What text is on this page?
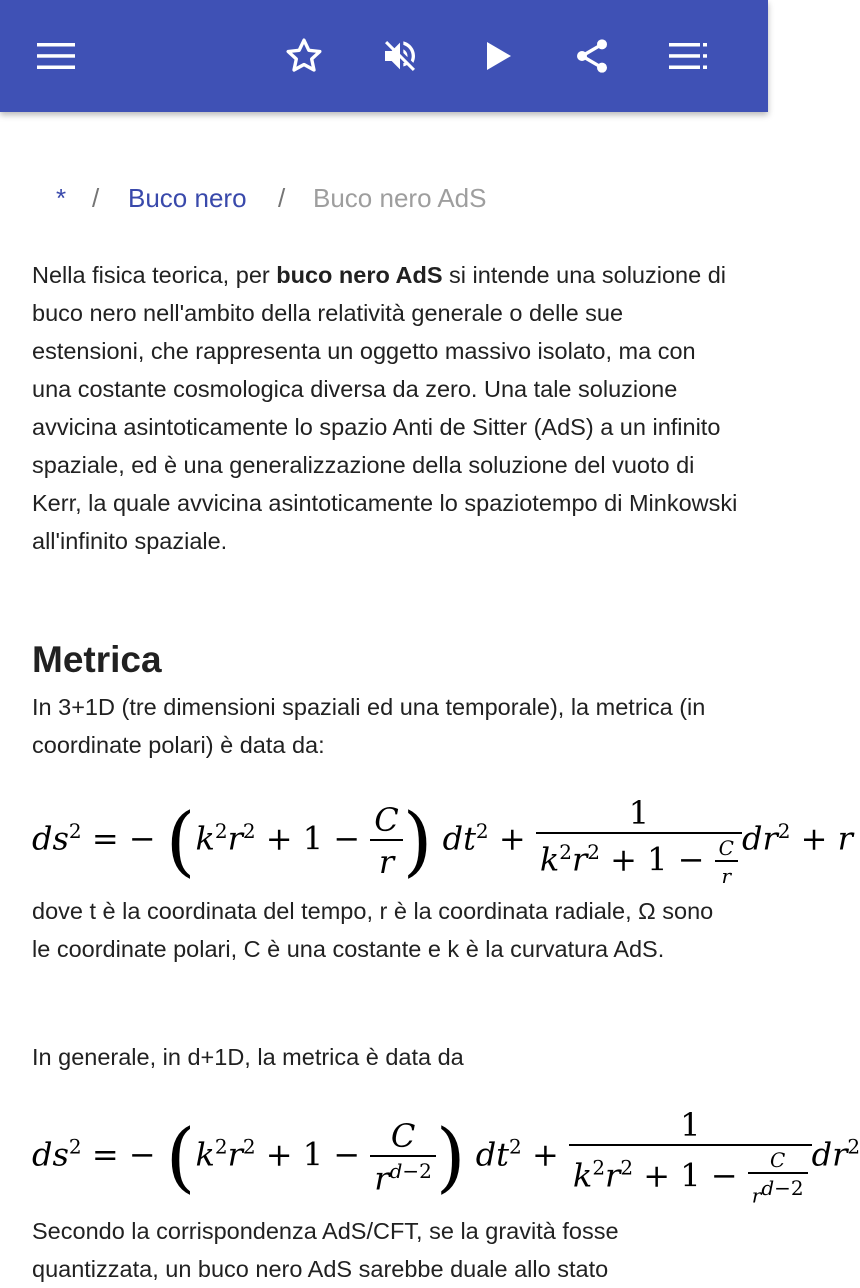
* / Buco nero / Buco nero AdS

Nella fisica teorica, per buco nero AdS si intende una soluzione di buco nero nell'ambito della relatività generale o delle sue estensioni, che rappresenta un oggetto massivo isolato, ma con una costante cosmologica diversa da zero. Una tale soluzione avvicina asintoticamente lo spazio Anti de Sitter (AdS) a un infinito spaziale, ed è una generalizzazione della soluzione del vuoto di Kerr, la quale avvicina asintoticamente lo spaziotempo di Minkowski all'infinito spaziale.

Metrica

In 3+1D (tre dimensioni spaziali ed una temporale), la metrica (in coordinate polari) è data da:

$ds^2$ = − ($k^2r^2 + 1 - \frac{C}{r}$ ) $dt^2 + \frac{1}{k^2r^2 + 1 - \frac{C}{r}} dr^2 + r$

dove t è la coordinata del tempo, r è la coordinata radiale, Ω sono le coordinate polari, C è una costante e k è la curvatura AdS.

In generale, in d+1D, la metrica è data da

$ds^2$ = − ($k^2r^2 + 1 - \frac{C}{r^{d-2}}$ ) $dt^2 + \frac{1}{k^2r^2 + 1 - \frac{C}{r^{d-2}}} dr^2$

Secondo la corrispondenza AdS/CFT, se la gravità fosse quantizzata, un buco nero AdS sarebbe duale allo stato
